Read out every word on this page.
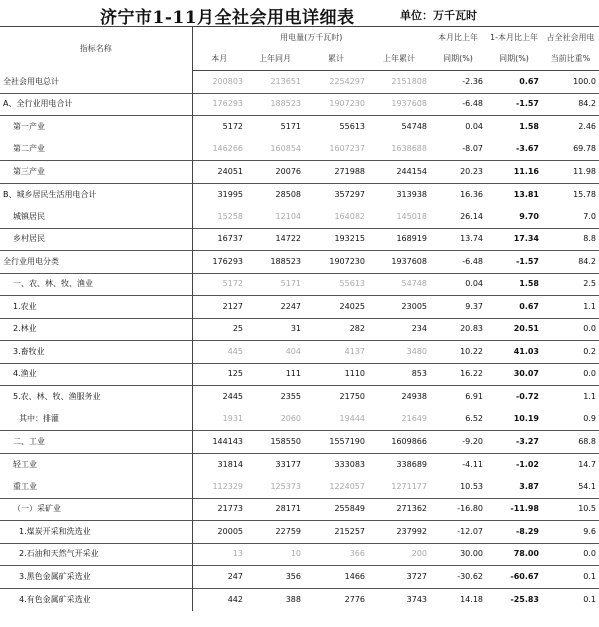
济宁市1-11月全社会用电详细表	单位：万千瓦时
指标名称	用电量(万千瓦时)				本月比上年	1-本月比上年	占全社会用电
	本月	上年同月	累计	上年累计	同期(%)	同期(%)	当前比重%
全社会用电总计	200803	213651	2254297	2151808	-2.36	0.67	100.0
A、全行业用电合计	176293	188523	1907230	1937608	-6.48	-1.57	84.2
第一产业	5172	5171	55613	54748	0.04	1.58	2.46
第二产业	146266	160854	1607237	1638688	-8.07	-3.67	69.78
第三产业	24051	20076	271988	244154	20.23	11.16	11.98
B、城乡居民生活用电合计	31995	28508	357297	313938	16.36	13.81	15.78
城镇居民	15258	12104	164082	145018	26.14	9.70	7.0
乡村居民	16737	14722	193215	168919	13.74	17.34	8.8
全行业用电分类	176293	188523	1907230	1937608	-6.48	-1.57	84.2
一、农、林、牧、渔业	5172	5171	55613	54748	0.04	1.58	2.5
1.农业	2127	2247	24025	23005	9.37	0.67	1.1
2.林业	25	31	282	234	20.83	20.51	0.0
3.畜牧业	445	404	4137	3480	10.22	41.03	0.2
4.渔业	125	111	1110	853	16.22	30.07	0.0
5.农、林、牧、渔服务业	2445	2355	21750	24938	6.91	-0.72	1.1
其中：排灌	1931	2060	19444	21649	6.52	10.19	0.9
二、工业	144143	158550	1557190	1609866	-9.20	-3.27	68.8
轻工业	31814	33177	333083	338689	-4.11	-1.02	14.7
重工业	112329	125373	1224057	1271177	10.53	3.87	54.1
（一）采矿业	21773	28171	255849	271362	-16.80	-11.98	10.5
1.煤炭开采和洗选业	20005	22759	215257	237992	-12.07	-8.29	9.6
2.石油和天然气开采业	13	10	366	200	30.00	78.00	0.0
3.黑色金属矿采选业	247	356	1466	3727	-30.62	-60.67	0.1
4.有色金属矿采选业	442	388	2776	3743	14.18	-25.83	0.1
